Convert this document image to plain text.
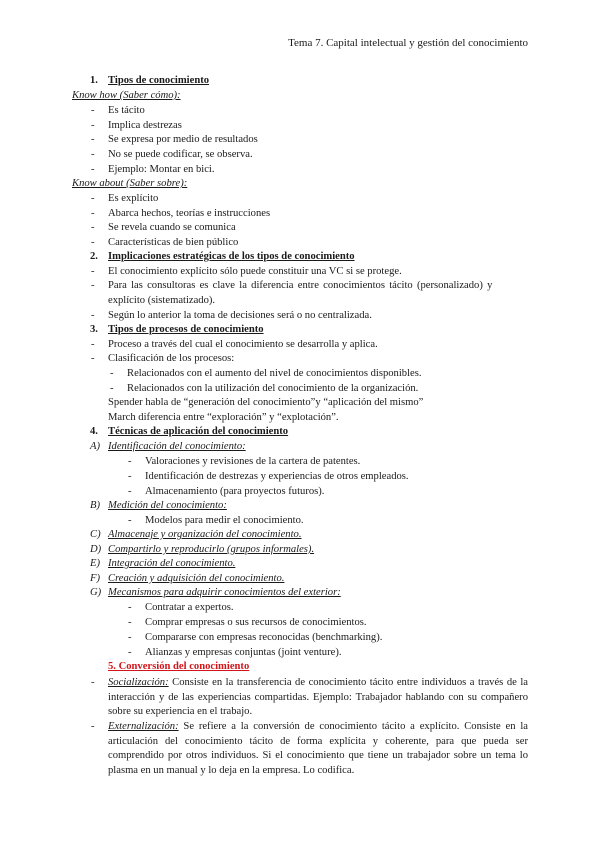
Tema 7. Capital intelectual y gestión del conocimiento
1. Tipos de conocimiento
Know how (Saber cómo):
-	Es tácito
-	Implica destrezas
-	Se expresa por medio de resultados
-	No se puede codificar, se observa.
-	Ejemplo: Montar en bici.
Know about (Saber sobre):
-	Es explícito
-	Abarca hechos, teorías e instrucciones
-	Se revela cuando se comunica
-	Características de bien público
2. Implicaciones estratégicas de los tipos de conocimiento
-	El conocimiento explícito sólo puede constituir una VC si se protege.
-	Para las consultoras es clave la diferencia entre conocimientos tácito (personalizado) y
explícito (sistematizado).
-	Según lo anterior la toma de decisiones será o no centralizada.
3. Tipos de procesos de conocimiento
-	Proceso a través del cual el conocimiento se desarrolla y aplica.
-	Clasificación de los procesos:
-	Relacionados con el aumento del nivel de conocimientos disponibles.
-	Relacionados con la utilización del conocimiento de la organización.
Spender habla de “generación del conocimiento”y “aplicación del mismo”
March diferencia entre “exploración” y “explotación”.
4. Técnicas de aplicación del conocimiento
A) Identificación del conocimiento:
-	Valoraciones y revisiones de la cartera de patentes.
-	Identificación de destrezas y experiencias de otros empleados.
-	Almacenamiento (para proyectos futuros).
B) Medición del conocimiento:
-	Modelos para medir el conocimiento.
C) Almacenaje y organización del conocimiento.
D) Compartirlo y reproducirlo (grupos informales).
E) Integración del conocimiento.
F) Creación y adquisición del conocimiento.
G) Mecanismos para adquirir conocimientos del exterior:
-	Contratar a expertos.
-	Comprar empresas o sus recursos de conocimientos.
-	Compararse con empresas reconocidas (benchmarking).
-	Alianzas y empresas conjuntas (joint venture).
5. Conversión del conocimiento
-	Socialización: Consiste en la transferencia de conocimiento tácito entre individuos a través de la interacción y de las experiencias compartidas. Ejemplo: Trabajador hablando con su compañero sobre su experiencia en el trabajo.

-	Externalización: Se refiere a la conversión de conocimiento tácito a explícito. Consiste en la articulación del conocimiento tácito de forma explícita y coherente, para que pueda ser comprendido por otros individuos. Si el conocimiento que tiene un trabajador sobre un tema lo plasma en un manual y lo deja en la empresa. Lo codifica.
